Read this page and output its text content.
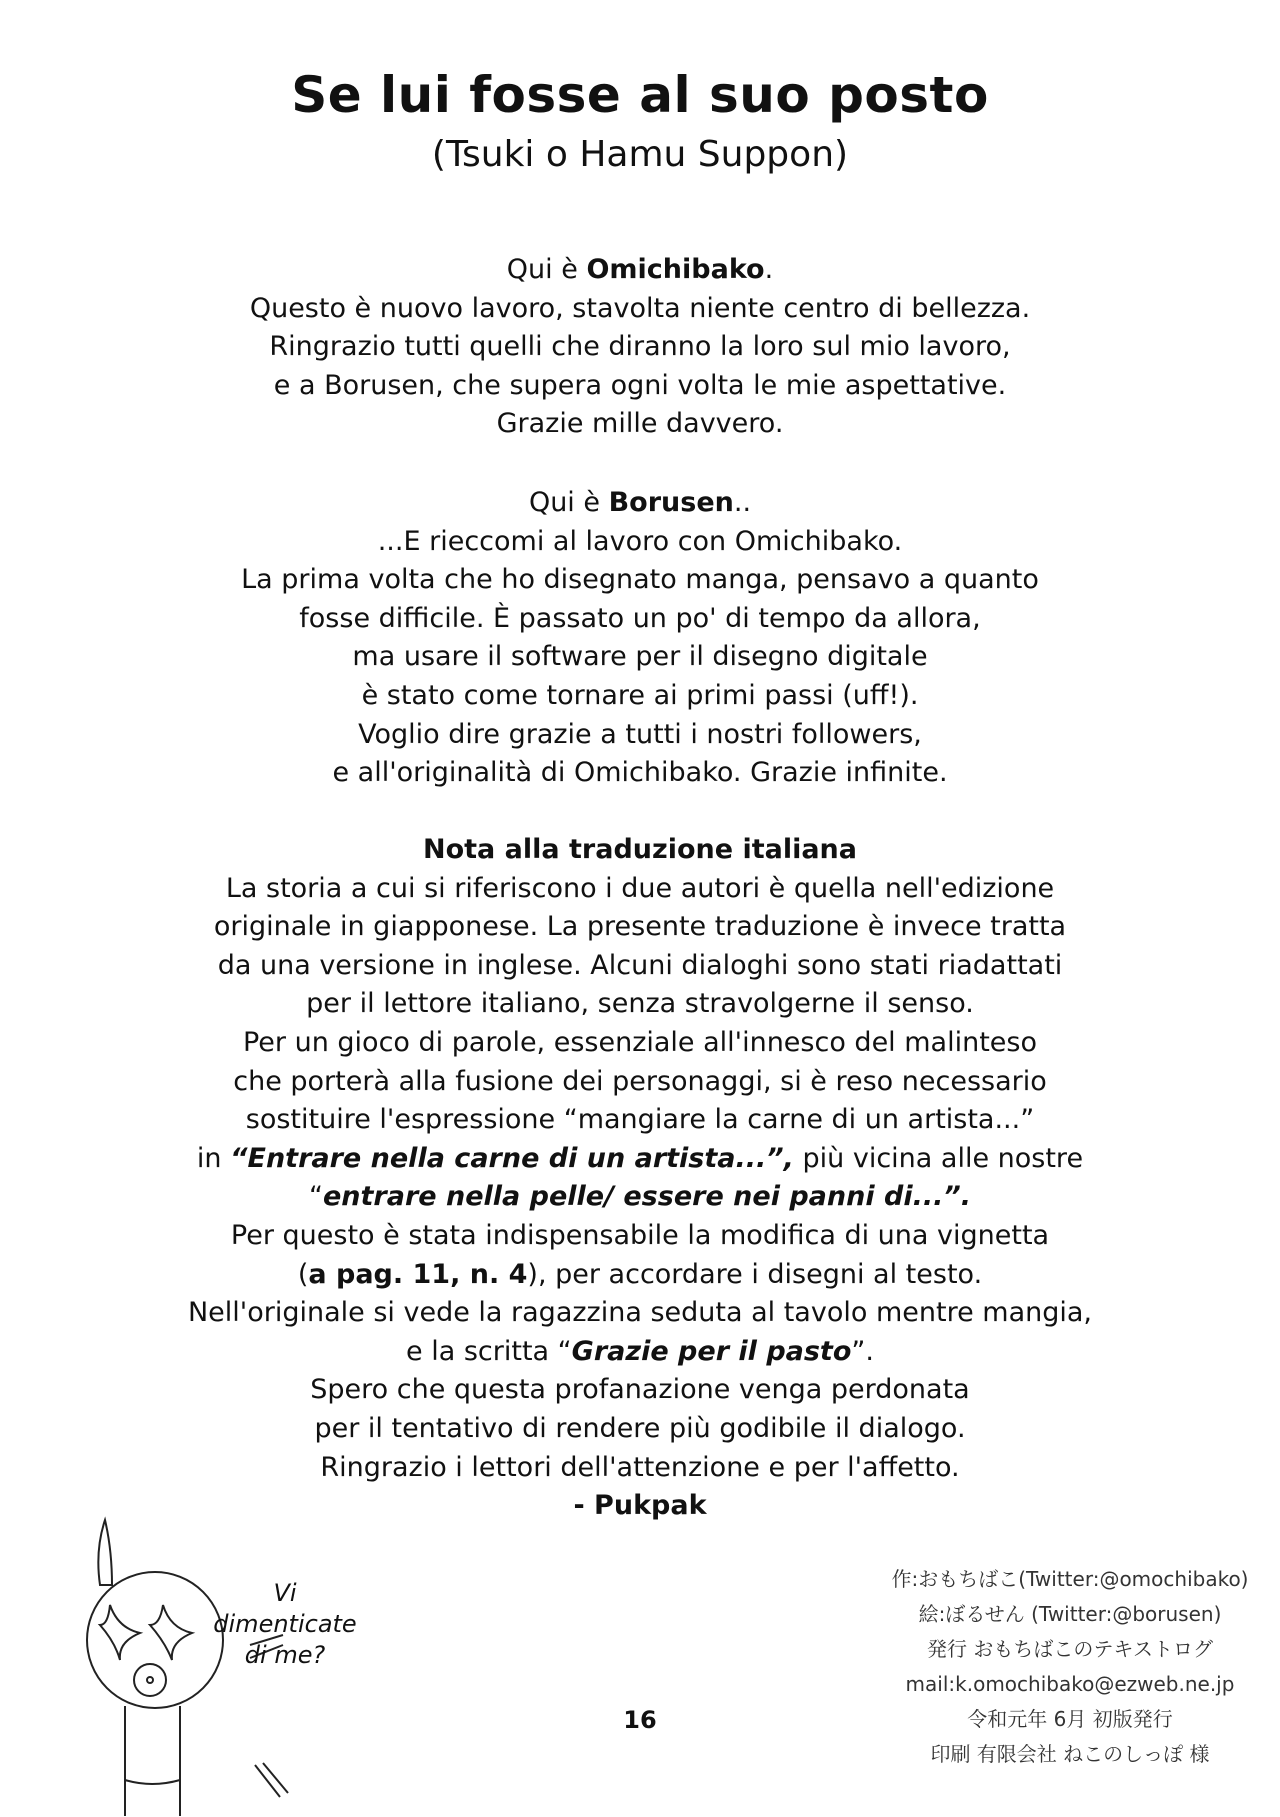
Se lui fosse al suo posto
(Tsuki o Hamu Suppon)
Qui è Omichibako.
Questo è nuovo lavoro, stavolta niente centro di bellezza.
Ringrazio tutti quelli che diranno la loro sul mio lavoro,
e a Borusen, che supera ogni volta le mie aspettative.
Grazie mille davvero.
Qui è Borusen..
...E rieccomi al lavoro con Omichibako.
La prima volta che ho disegnato manga, pensavo a quanto
fosse difficile. È passato un po' di tempo da allora,
ma usare il software per il disegno digitale
è stato come tornare ai primi passi (uff!).
Voglio dire grazie a tutti i nostri followers,
e all'originalità di Omichibako. Grazie infinite.
Nota alla traduzione italiana
La storia a cui si riferiscono i due autori è quella nell'edizione
originale in giapponese. La presente traduzione è invece tratta
da una versione in inglese. Alcuni dialoghi sono stati riadattati
per il lettore italiano, senza stravolgerne il senso.
Per un gioco di parole, essenziale all'innesco del malinteso
che porterà alla fusione dei personaggi, si è reso necessario
sostituire l'espressione “mangiare la carne di un artista...”
in “Entrare nella carne di un artista...”, più vicina alle nostre
“entrare nella pelle/ essere nei panni di...”.
Per questo è stata indispensabile la modifica di una vignetta
(a pag. 11, n. 4), per accordare i disegni al testo.
Nell'originale si vede la ragazzina seduta al tavolo mentre mangia,
e la scritta “Grazie per il pasto”.
Spero che questa profanazione venga perdonata
per il tentativo di rendere più godibile il dialogo.
Ringrazio i lettori dell'attenzione e per l'affetto.
- Pukpak
Vi
dimenticate
di me?
16
作:おもちばこ(Twitter:@omochibako)
絵:ぼるせん (Twitter:@borusen)
発行 おもちばこのテキストログ
mail:k.omochibako@ezweb.ne.jp
令和元年 6月 初版発行
印刷 有限会社 ねこのしっぽ 様
